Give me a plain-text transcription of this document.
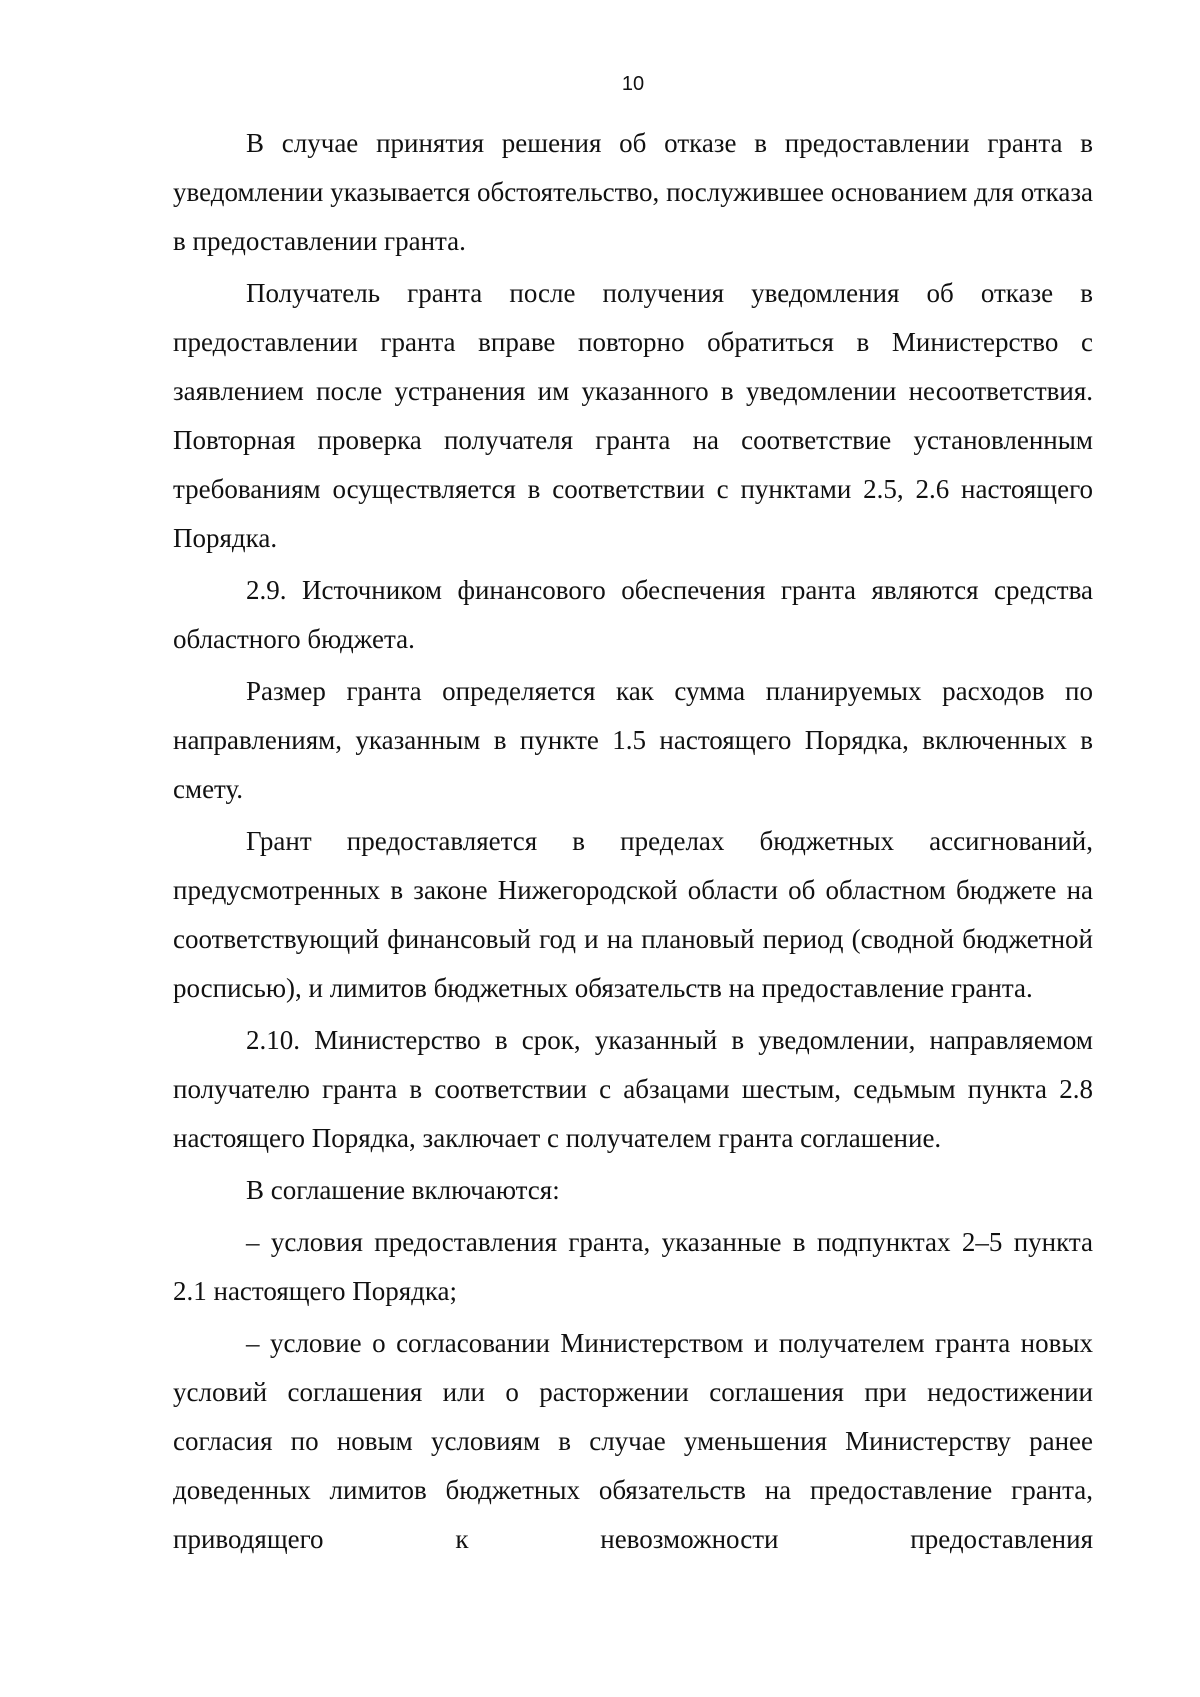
10

В случае принятия решения об отказе в предоставлении гранта в уведомлении указывается обстоятельство, послужившее основанием для отказа в предоставлении гранта.

Получатель гранта после получения уведомления об отказе в предоставлении гранта вправе повторно обратиться в Министерство с заявлением после устранения им указанного в уведомлении несоответствия. Повторная проверка получателя гранта на соответствие установленным требованиям осуществляется в соответствии с пунктами 2.5, 2.6 настоящего Порядка.

2.9. Источником финансового обеспечения гранта являются средства областного бюджета.

Размер гранта определяется как сумма планируемых расходов по направлениям, указанным в пункте 1.5 настоящего Порядка, включенных в смету.

Грант предоставляется в пределах бюджетных ассигнований, предусмотренных в законе Нижегородской области об областном бюджете на соответствующий финансовый год и на плановый период (сводной бюджетной росписью), и лимитов бюджетных обязательств на предоставление гранта.

2.10. Министерство в срок, указанный в уведомлении, направляемом получателю гранта в соответствии с абзацами шестым, седьмым пункта 2.8 настоящего Порядка, заключает с получателем гранта соглашение.

В соглашение включаются:

– условия предоставления гранта, указанные в подпунктах 2–5 пункта 2.1 настоящего Порядка;

– условие о согласовании Министерством и получателем гранта новых условий соглашения или о расторжении соглашения при недостижении согласия по новым условиям в случае уменьшения Министерству ранее доведенных лимитов бюджетных обязательств на предоставление гранта, приводящего к невозможности предоставления
